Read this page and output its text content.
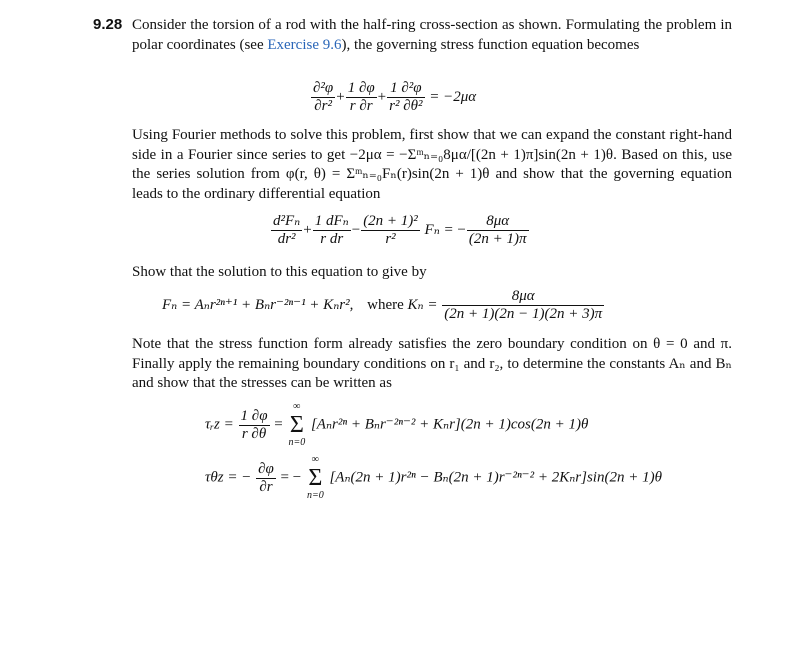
9.28 Consider the torsion of a rod with the half-ring cross-section as shown. Formulating the problem in polar coordinates (see Exercise 9.6), the governing stress function equation becomes
$\frac{\text{∂²φ}}{\text{∂r²}} + \frac{1 \partial\varphi}{r \partial r} + \frac{\text{1 ∂²φ}}{\text{r² ∂θ²}} = -2\mu\alpha$
Using Fourier methods to solve this problem, first show that we can expand the constant right-hand side in a Fourier since series to get −2μα = −Σᵐₙ₌₀8μα/[(2n + 1)π]sin(2n + 1)θ. Based on this, use the series solution from φ(r, θ) = Σᵐₙ₌₀Fₙ(r)sin(2n + 1)θ and show that the governing equation leads to the ordinary differential equation
$\frac{\text{d²Fₙ}}{\text{dr²}} + \frac{\text{1 dFₙ}}{\text{r dr}} - \frac{\text{(2n + 1)²}}{\text{r²}}$ Fₙ = − $\frac{8\mu\alpha}{(2n + 1)\pi}$
Show that the solution to this equation to give by
Fₙ = Aₙr²ⁿ⁺¹ + Bₙr⁻²ⁿ⁻¹ + Kₙr², where $K_n = \frac{8\mu\alpha}{(2n + 1)(2n - 1)(2n + 3)\pi}$
Note that the stress function form already satisfies the zero boundary condition on θ = 0 and π. Finally apply the remaining boundary conditions on r₁ and r₂, to determine the constants Aₙ and Bₙ and show that the stresses can be written as
τᵣz = $\frac{1 \partial\varphi}{r \partial\theta}$ =
∞
Σ
n=0
[Aₙr²ⁿ + Bₙr⁻²ⁿ⁻² + Kₙr](2n + 1)cos(2n + 1)θ
τθz = − $\frac{\partial\varphi}{\partial r}$ = −
∞
Σ
n=0
[Aₙ(2n + 1)r²ⁿ − Bₙ(2n + 1)r⁻²ⁿ⁻² + 2Kₙr]sin(2n + 1)θ
